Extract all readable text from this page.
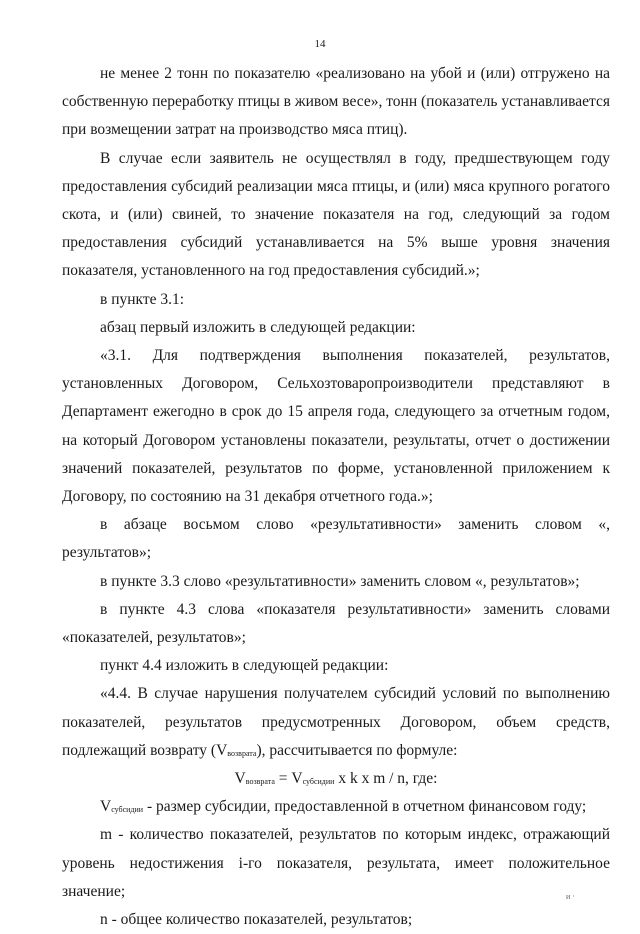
14

не менее 2 тонн по показателю «реализовано на убой и (или) отгружено на собственную переработку птицы в живом весе», тонн (показатель устанавливается при возмещении затрат на производство мяса птиц).

В случае если заявитель не осуществлял в году, предшествующем году предоставления субсидий реализации мяса птицы, и (или) мяса крупного рогатого скота, и (или) свиней, то значение показателя на год, следующий за годом предоставления субсидий устанавливается на 5% выше уровня значения показателя, установленного на год предоставления субсидий.»;

в пункте 3.1:

абзац первый изложить в следующей редакции:

«3.1. Для подтверждения выполнения показателей, результатов, установленных Договором, Сельхозтоваропроизводители представляют в Департамент ежегодно в срок до 15 апреля года, следующего за отчетным годом, на который Договором установлены показатели, результаты, отчет о достижении значений показателей, результатов по форме, установленной приложением к Договору, по состоянию на 31 декабря отчетного года.»;

в абзаце восьмом слово «результативности» заменить словом «, результатов»;

в пункте 3.3 слово «результативности» заменить словом «, результатов»;

в пункте 4.3 слова «показателя результативности» заменить словами «показателей, результатов»;

пункт 4.4 изложить в следующей редакции:

«4.4. В случае нарушения получателем субсидий условий по выполнению показателей, результатов предусмотренных Договором, объем средств, подлежащий возврату $(V_{возврата})$, рассчитывается по формуле:

$V_{возврата} = V_{субсидии}$ x k x m / n, где:

$V_{субсидии}$ - размер субсидии, предоставленной в отчетном финансовом году;

m - количество показателей, результатов по которым индекс, отражающий уровень недостижения i-го показателя, результата, имеет положительное значение;

n - общее количество показателей, результатов;

и ·
